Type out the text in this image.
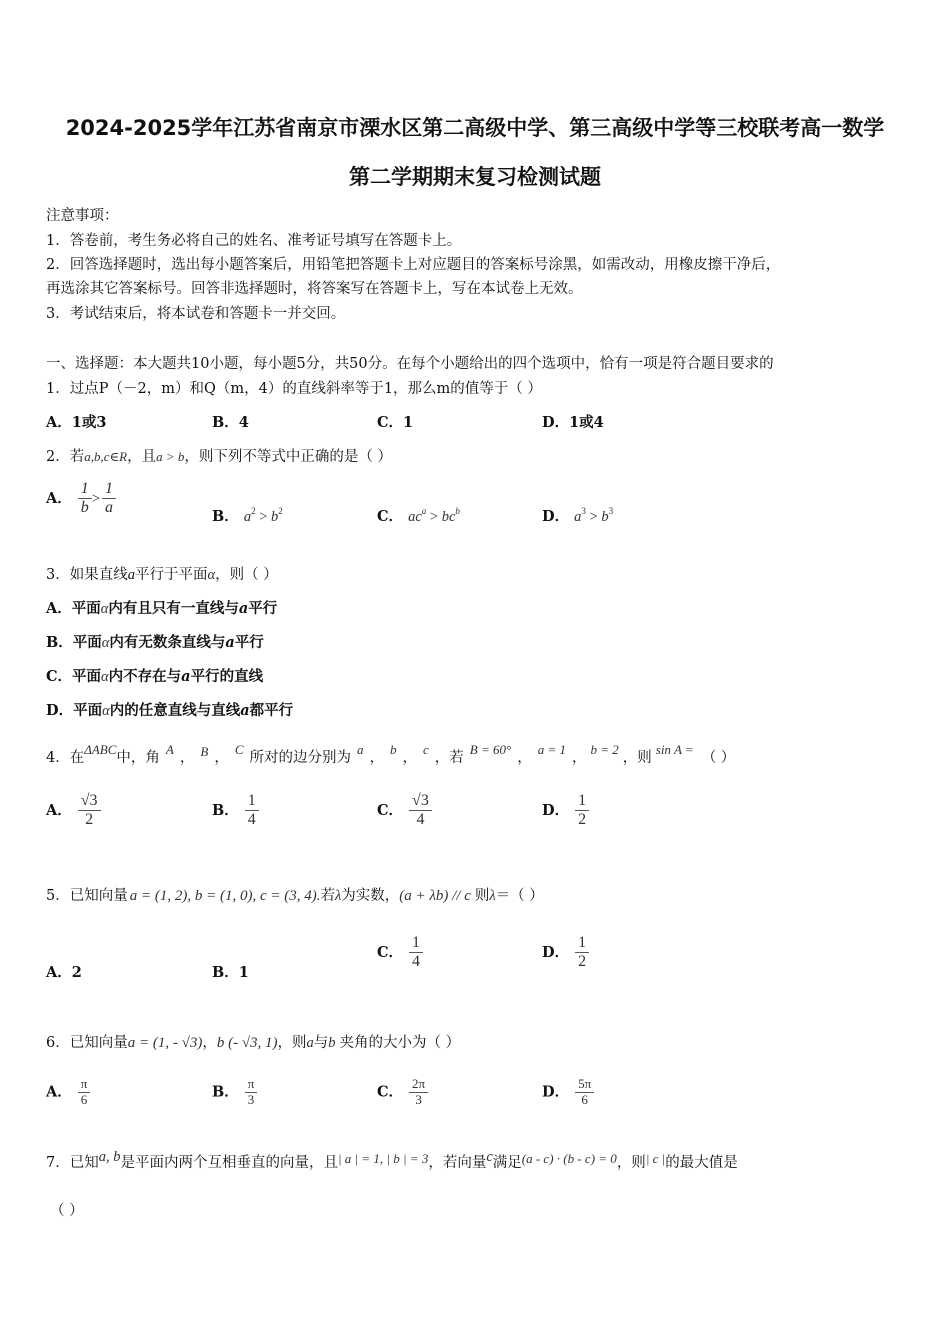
2024-2025学年江苏省南京市溧水区第二高级中学、第三高级中学等三校联考高一数学
第二学期期末复习检测试题
注意事项：
1．答卷前，考生务必将自己的姓名、准考证号填写在答题卡上。
2．回答选择题时，选出每小题答案后，用铅笔把答题卡上对应题目的答案标号涂黑，如需改动，用橡皮擦干净后，
再选涂其它答案标号。回答非选择题时，将答案写在答题卡上，写在本试卷上无效。
3．考试结束后，将本试卷和答题卡一并交回。
一、选择题：本大题共10小题，每小题5分，共50分。在每个小题给出的四个选项中，恰有一项是符合题目要求的
1．过点P（－2，m）和Q（m，4）的直线斜率等于1，那么m的值等于（ ）
A．1或3	B．4	C．1	D．1或4
2．若a,b,c∈R，且a > b，则下列不等式中正确的是（ ）
A． $\frac{1}{b} > \frac{1}{a}$	B． $a^2 > b^2$	C． $ac^a > bc^b$	D． $a^3 > b^3$
3．如果直线a平行于平面α，则（ ）
A．平面α内有且只有一直线与a平行
B．平面α内有无数条直线与a平行
C．平面α内不存在与a平行的直线
D．平面α内的任意直线与直线a都平行
4．在ΔABC中，角A， B ，C所对的边分别为a，b，c，若B = 60°，a = 1，b = 2，则sin A =（ ）
A． $\frac{√3}{2}$	B． $\frac{1}{4}$	C． $\frac{√3}{4}$	D． $\frac{1}{2}$
5．已知向量 a = (1, 2), b = (1, 0), c = (3, 4).若λ为实数，(a + λb) // c 则λ＝（ ）
A．2	B．1
C． $\frac{1}{4}$	D． $\frac{1}{2}$
6．已知向量a = (1, - √3)，b (- √3, 1)，则a与b 夹角的大小为（ ）
A． $\frac{\pi}{6}$	B． $\frac{\pi}{3}$	C． $\frac{2\pi}{3}$	D． $\frac{5\pi}{6}$
7．已知a, b是平面内两个互相垂直的向量，且| a | = 1, | b | = 3，若向量c满足(a - c) · (b - c) = 0，则| c |的最大值是
（ ）
